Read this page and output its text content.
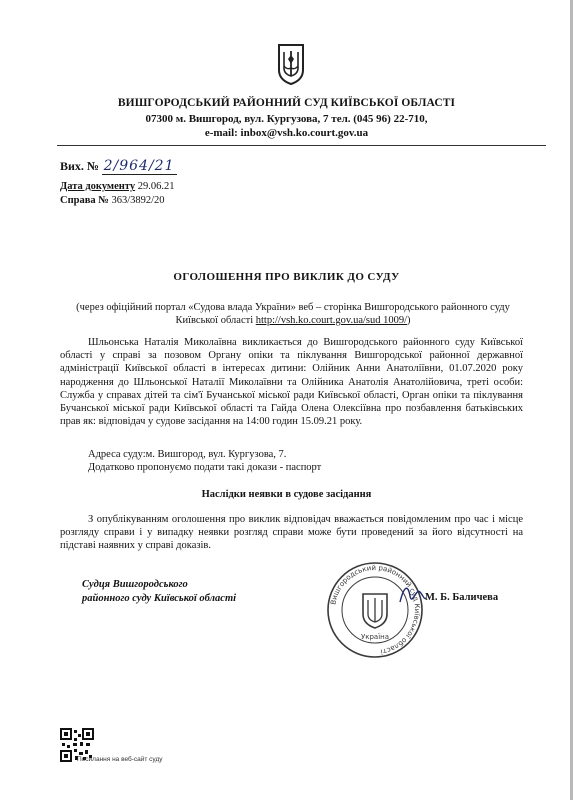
ВИШГОРОДСЬКИЙ РАЙОННИЙ СУД КИЇВСЬКОЇ ОБЛАСТІ
07300 м. Вишгород, вул. Кургузова, 7 тел. (045 96) 22-710,
e-mail: inbox@vsh.ko.court.gov.ua
Вих. № 2/964/21
Дата документу 29.06.21
Справа № 363/3892/20
ОГОЛОШЕННЯ ПРО ВИКЛИК ДО СУДУ
(через офіційний портал «Судова влада України» веб – сторінка Вишгородського районного суду Київської області http://vsh.ko.court.gov.ua/sud 1009/)
Шльонська Наталія Миколаївна викликається до Вишгородського районного суду Київської області у справі за позовом Органу опіки та піклування Вишгородської районної державної адміністрації Київської області в інтересах дитини: Олійник Анни Анатоліївни, 01.07.2020 року народження до Шльонської Наталії Миколаївни та Олійника Анатолія Анатолійовича, треті особи: Служба у справах дітей та сім'ї Бучанської міської ради Київської області, Орган опіки та піклування Бучанської міської ради Київської області та Гайда Олена Олексіївна про позбавлення батьківських прав як: відповідач у судове засідання на 14:00 годин 15.09.21 року.
Адреса суду:м. Вишгород, вул. Кургузова, 7.
Додатково пропонуємо подати такі докази - паспорт
Наслідки неявки в судове засідання
З опублікуванням оголошення про виклик відповідач вважається повідомленим про час і місце розгляду справи і у випадку неявки розгляд справи може бути проведений за його відсутності на підставі наявних у справі доказів.
Судця Вишгородського
районного суду Київської області	Вишгородський районний суд Київської області
Україна
М. Б. Баличева
Посилання на веб-сайт суду
